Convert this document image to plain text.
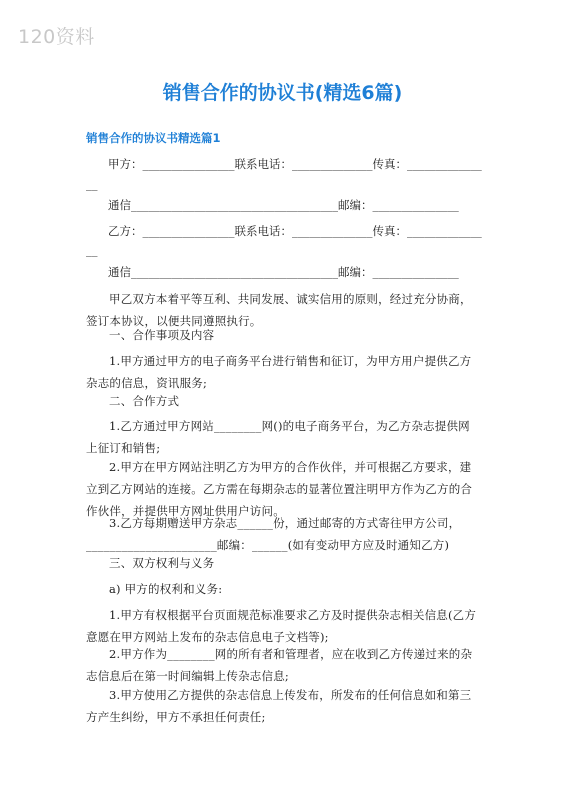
120资料
销售合作的协议书(精选6篇)
销售合作的协议书精选篇1
甲方：________________联系电话：______________传真：_____________
__
通信____________________________________邮编：_______________
乙方：________________联系电话：______________传真：_____________
__
通信____________________________________邮编：_______________
甲乙双方本着平等互利、共同发展、诚实信用的原则，经过充分协商，签订本协议，以便共同遵照执行。
一、合作事项及内容
1.甲方通过甲方的电子商务平台进行销售和征订，为甲方用户提供乙方杂志的信息，资讯服务;
二、合作方式
1.乙方通过甲方网站________网()的电子商务平台，为乙方杂志提供网上征订和销售;
2.甲方在甲方网站注明乙方为甲方的合作伙伴，并可根据乙方要求，建立到乙方网站的连接。乙方需在每期杂志的显著位置注明甲方作为乙方的合作伙伴，并提供甲方网址供用户访问。
3.乙方每期赠送甲方杂志______份，通过邮寄的方式寄往甲方公司，______________________邮编：______(如有变动甲方应及时通知乙方)
三、双方权利与义务
a) 甲方的权利和义务:
1.甲方有权根据平台页面规范标准要求乙方及时提供杂志相关信息(乙方意愿在甲方网站上发布的杂志信息电子文档等);
2.甲方作为________网的所有者和管理者，应在收到乙方传递过来的杂志信息后在第一时间编辑上传杂志信息;
3.甲方使用乙方提供的杂志信息上传发布，所发布的任何信息如和第三方产生纠纷，甲方不承担任何责任;
